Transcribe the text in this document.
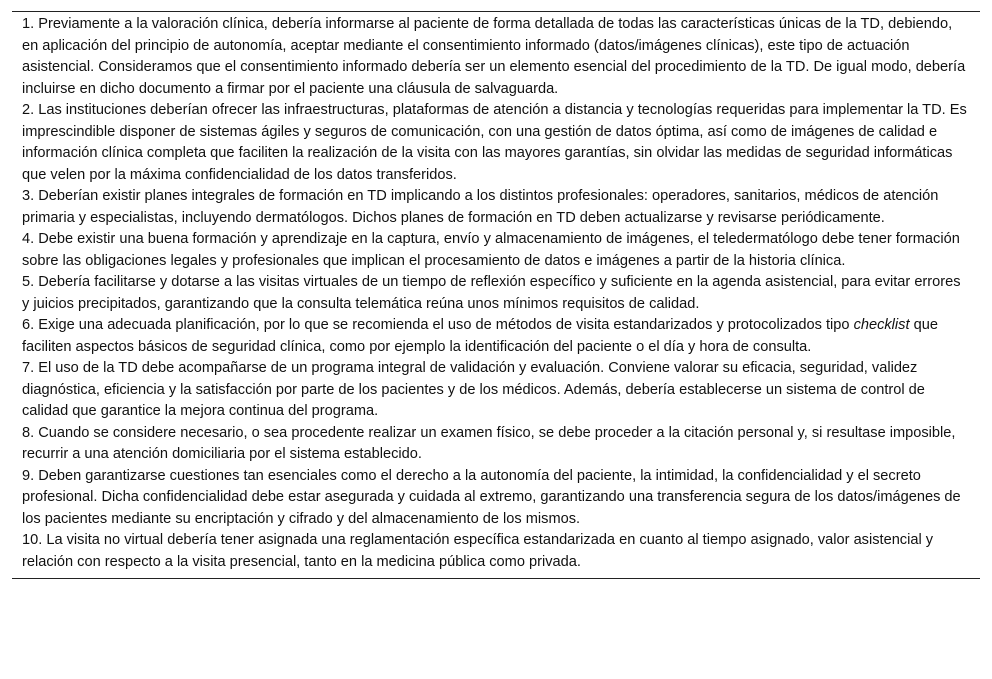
1. Previamente a la valoración clínica, debería informarse al paciente de forma detallada de todas las características únicas de la TD, debiendo, en aplicación del principio de autonomía, aceptar mediante el consentimiento informado (datos/imágenes clínicas), este tipo de actuación asistencial. Consideramos que el consentimiento informado debería ser un elemento esencial del procedimiento de la TD. De igual modo, debería incluirse en dicho documento a firmar por el paciente una cláusula de salvaguarda.

2. Las instituciones deberían ofrecer las infraestructuras, plataformas de atención a distancia y tecnologías requeridas para implementar la TD. Es imprescindible disponer de sistemas ágiles y seguros de comunicación, con una gestión de datos óptima, así como de imágenes de calidad e información clínica completa que faciliten la realización de la visita con las mayores garantías, sin olvidar las medidas de seguridad informáticas que velen por la máxima confidencialidad de los datos transferidos.

3. Deberían existir planes integrales de formación en TD implicando a los distintos profesionales: operadores, sanitarios, médicos de atención primaria y especialistas, incluyendo dermatólogos. Dichos planes de formación en TD deben actualizarse y revisarse periódicamente.

4. Debe existir una buena formación y aprendizaje en la captura, envío y almacenamiento de imágenes, el teledermatólogo debe tener formación sobre las obligaciones legales y profesionales que implican el procesamiento de datos e imágenes a partir de la historia clínica.

5. Debería facilitarse y dotarse a las visitas virtuales de un tiempo de reflexión específico y suficiente en la agenda asistencial, para evitar errores y juicios precipitados, garantizando que la consulta telemática reúna unos mínimos requisitos de calidad.

6. Exige una adecuada planificación, por lo que se recomienda el uso de métodos de visita estandarizados y protocolizados tipo checklist que faciliten aspectos básicos de seguridad clínica, como por ejemplo la identificación del paciente o el día y hora de consulta.

7. El uso de la TD debe acompañarse de un programa integral de validación y evaluación. Conviene valorar su eficacia, seguridad, validez diagnóstica, eficiencia y la satisfacción por parte de los pacientes y de los médicos. Además, debería establecerse un sistema de control de calidad que garantice la mejora continua del programa.

8. Cuando se considere necesario, o sea procedente realizar un examen físico, se debe proceder a la citación personal y, si resultase imposible, recurrir a una atención domiciliaria por el sistema establecido.

9. Deben garantizarse cuestiones tan esenciales como el derecho a la autonomía del paciente, la intimidad, la confidencialidad y el secreto profesional. Dicha confidencialidad debe estar asegurada y cuidada al extremo, garantizando una transferencia segura de los datos/imágenes de los pacientes mediante su encriptación y cifrado y del almacenamiento de los mismos.

10. La visita no virtual debería tener asignada una reglamentación específica estandarizada en cuanto al tiempo asignado, valor asistencial y relación con respecto a la visita presencial, tanto en la medicina pública como privada.
